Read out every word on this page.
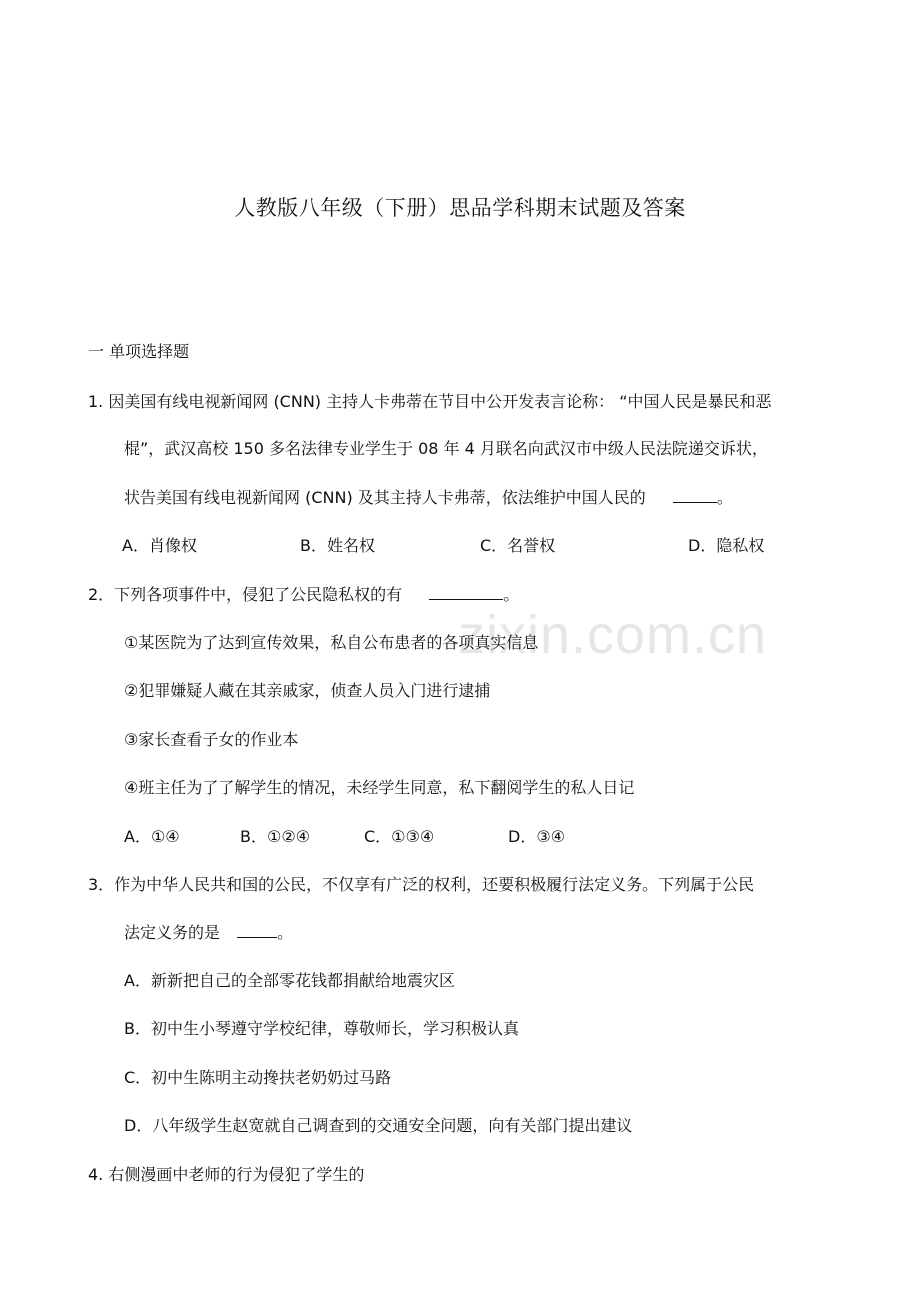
zixin.com.cn
人教版八年级（下册）思品学科期末试题及答案
一 单项选择题
1. 因美国有线电视新闻网 (CNN) 主持人卡弗蒂在节目中公开发表言论称： “中国人民是暴民和恶
棍”，武汉高校 150 多名法律专业学生于 08 年 4 月联名向武汉市中级人民法院递交诉状，
状告美国有线电视新闻网 (CNN) 及其主持人卡弗蒂，依法维护中国人民的	。
A．肖像权	B．姓名权	C．名誉权	D．隐私权
2．下列各项事件中，侵犯了公民隐私权的有	。
①某医院为了达到宣传效果，私自公布患者的各项真实信息
②犯罪嫌疑人藏在其亲戚家，侦查人员入门进行逮捕
③家长查看子女的作业本
④班主任为了了解学生的情况，未经学生同意，私下翻阅学生的私人日记
A．①④	B．①②④	C．①③④	D．③④
3．作为中华人民共和国的公民，不仅享有广泛的权利，还要积极履行法定义务。下列属于公民
法定义务的是	。
A．新新把自己的全部零花钱都捐献给地震灾区
B．初中生小琴遵守学校纪律，尊敬师长，学习积极认真
C．初中生陈明主动搀扶老奶奶过马路
D．八年级学生赵宽就自己调查到的交通安全问题，向有关部门提出建议
4. 右侧漫画中老师的行为侵犯了学生的
